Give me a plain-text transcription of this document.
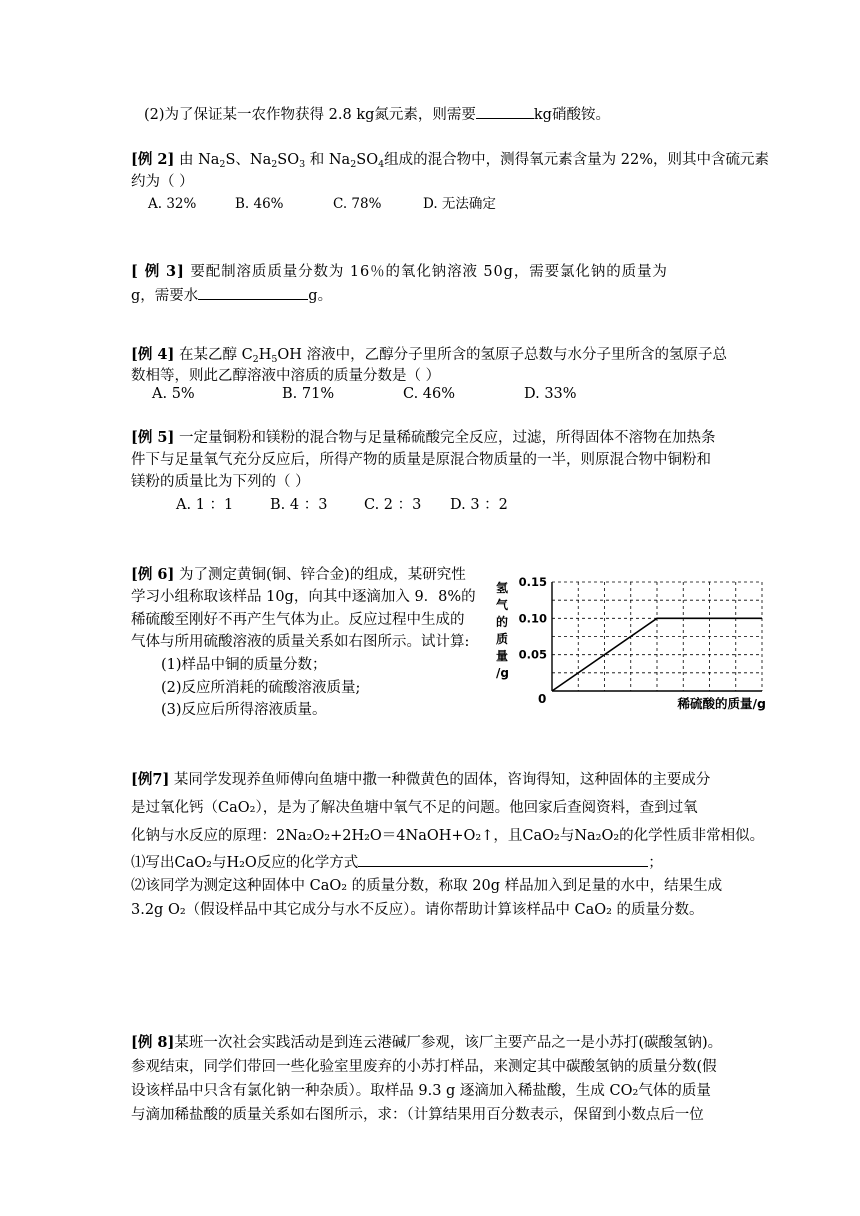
(2)为了保证某一农作物获得 2.8 kg氮元素，则需要	kg硝酸铵。
[例 2] 由 $Na_2S$、$Na_2SO_3$ 和 $Na_2SO_4$组成的混合物中，测得氧元素含量为 22%，则其中含硫元素
约为（ ）
A. 32%	B. 46%	C. 78%	D. 无法确定
[ 例 3] 要配制溶质质量分数为 16％的氧化钠溶液 50g，需要氯化钠的质量为
g，需要水	g。
[例 4] 在某乙醇 $C_2H_5OH$ 溶液中，乙醇分子里所含的氢原子总数与水分子里所含的氢原子总
数相等，则此乙醇溶液中溶质的质量分数是（ ）
A. 5%	B. 71%	C. 46%	D. 33%
[例 5] 一定量铜粉和镁粉的混合物与足量稀硫酸完全反应，过滤，所得固体不溶物在加热条
件下与足量氧气充分反应后，所得产物的质量是原混合物质量的一半，则原混合物中铜粉和
镁粉的质量比为下列的（ ）
A. 1 ：1	B. 4 ：3	C. 2 ：3 D. 3 ：2
[例 6] 为了测定黄铜(铜、锌合金)的组成，某研究性
学习小组称取该样品 10g，向其中逐滴加入 9．8%的
稀硫酸至刚好不再产生气体为止。反应过程中生成的
气体与所用硫酸溶液的质量关系如右图所示。试计算:
(1)样品中铜的质量分数；
(2)反应所消耗的硫酸溶液质量;
(3)反应后所得溶液质量。
氢
气
的
质
量
/g
0.15
0.10
0.05
0	稀硫酸的质量/g
[例7] 某同学发现养鱼师傅向鱼塘中撒一种微黄色的固体，咨询得知，这种固体的主要成分
是过氧化钙（CaO₂），是为了解决鱼塘中氧气不足的问题。他回家后查阅资料，查到过氧
化钠与水反应的原理：2Na₂O₂+2H₂O＝4NaOH+O₂↑，且CaO₂与Na₂O₂的化学性质非常相似。
⑴写出CaO₂与H₂O反应的化学方式	；
⑵该同学为测定这种固体中 CaO₂ 的质量分数，称取 20g 样品加入到足量的水中，结果生成
3.2g O₂（假设样品中其它成分与水不反应）。请你帮助计算该样品中 CaO₂ 的质量分数。
[例 8]某班一次社会实践活动是到连云港碱厂参观，该厂主要产品之一是小苏打(碳酸氢钠)。
参观结束，同学们带回一些化验室里废弃的小苏打样品，来测定其中碳酸氢钠的质量分数(假
设该样品中只含有氯化钠一种杂质）。取样品 9.3 g 逐滴加入稀盐酸，生成 CO₂气体的质量
与滴加稀盐酸的质量关系如右图所示，求：（计算结果用百分数表示，保留到小数点后一位
